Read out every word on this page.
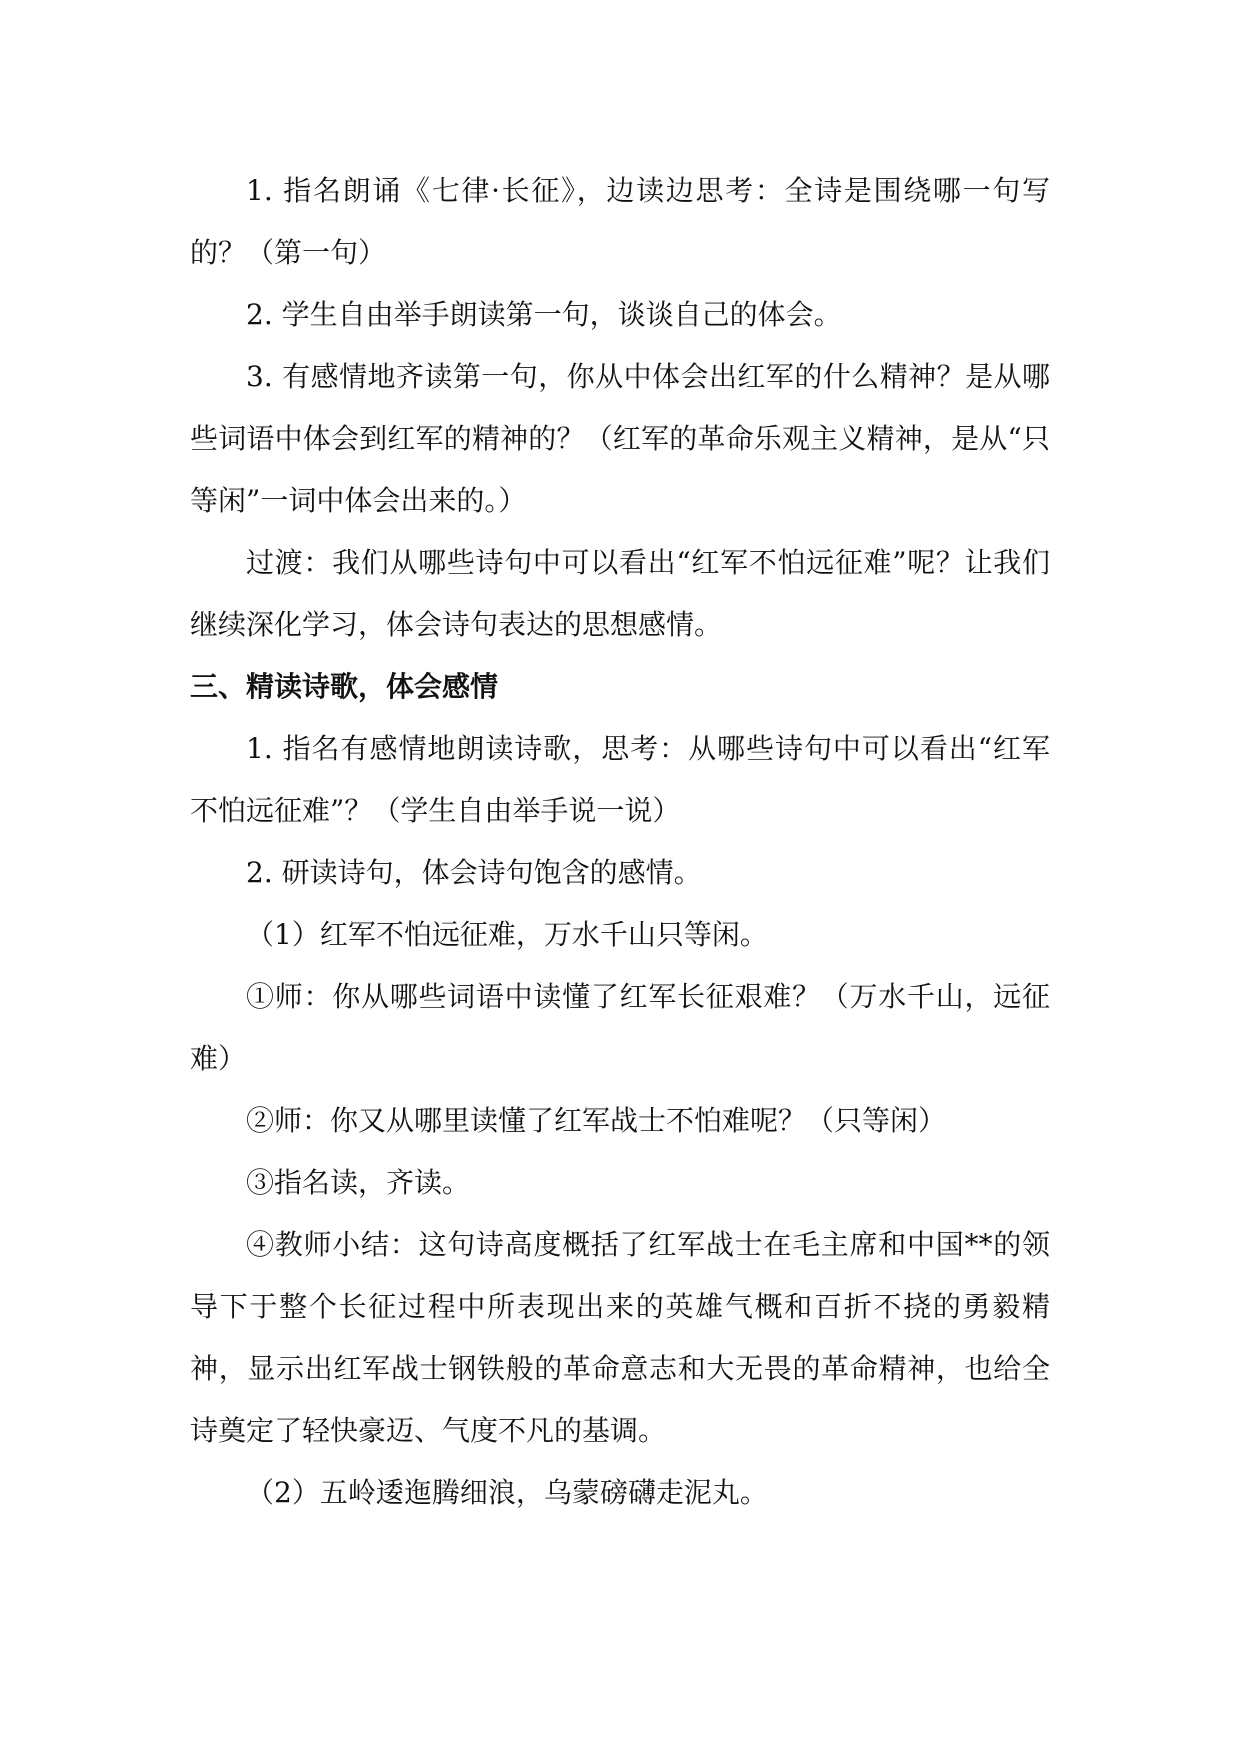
1. 指名朗诵《七律·长征》，边读边思考：全诗是围绕哪一句写的？（第一句）

2. 学生自由举手朗读第一句，谈谈自己的体会。

3. 有感情地齐读第一句，你从中体会出红军的什么精神？是从哪些词语中体会到红军的精神的？（红军的革命乐观主义精神，是从“只等闲”一词中体会出来的。）

过渡：我们从哪些诗句中可以看出“红军不怕远征难”呢？让我们继续深化学习，体会诗句表达的思想感情。

三、精读诗歌，体会感情

1. 指名有感情地朗读诗歌，思考：从哪些诗句中可以看出“红军不怕远征难”？（学生自由举手说一说）

2. 研读诗句，体会诗句饱含的感情。

（1）红军不怕远征难，万水千山只等闲。

①师：你从哪些词语中读懂了红军长征艰难？（万水千山，远征难）

②师：你又从哪里读懂了红军战士不怕难呢？（只等闲）

③指名读，齐读。

④教师小结：这句诗高度概括了红军战士在毛主席和中国**的领导下于整个长征过程中所表现出来的英雄气概和百折不挠的勇毅精神，显示出红军战士钢铁般的革命意志和大无畏的革命精神，也给全诗奠定了轻快豪迈、气度不凡的基调。

（2）五岭逶迤腾细浪，乌蒙磅礴走泥丸。
